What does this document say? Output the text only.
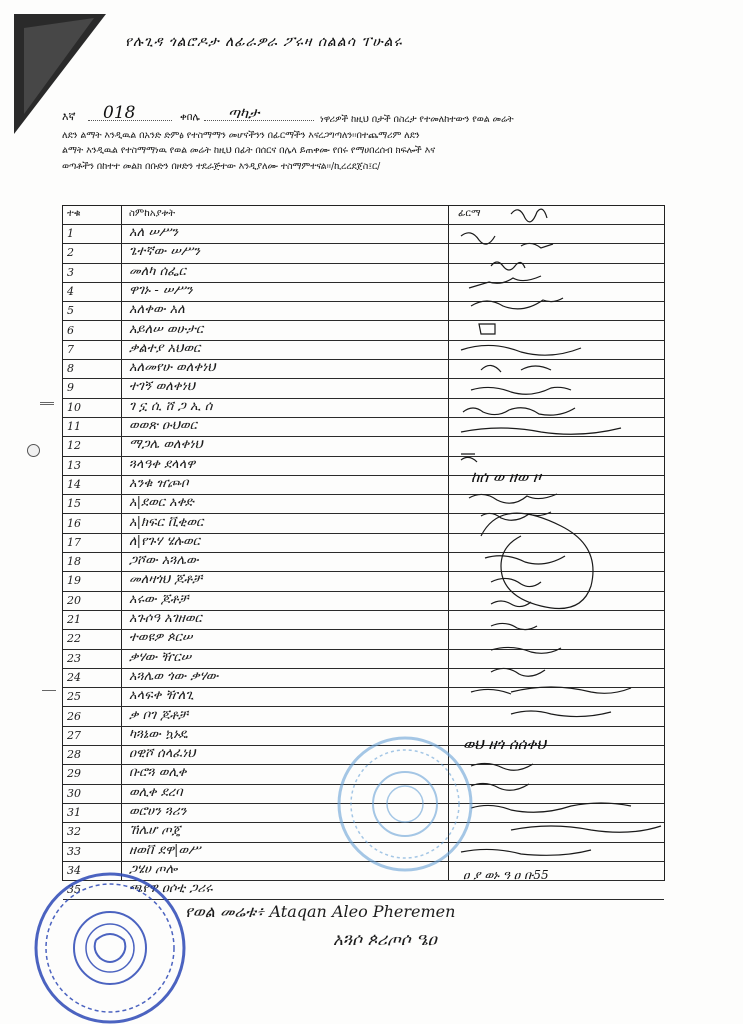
የሉጊዳ ጎልሮዶታ ለፊራዎራ ፖሩዛ ሰልልሳ ፐሁልሩ
እኛ 018	ቀበሌ ጣካታ	ነዋሪዎች ከዚህ በታች በስረታ የተመለከተውን የወል መሬት
ለደን ልማት እንዲዉል በአንድ ድምፅ የተስማማን መሆናችንን በፊርማችን እናረጋግጣለን፡፡በተጨማሪም ለደን
ልማት እንዲዉል የተስማማነዉ የወል መሬት ከዚህ በፊት በሰርና በሌላ ይጠቀሙ የበሩ የማሀበረሰብ ክፍሎች እና
ወጣቶችን በከተተ መልክ በቡድን በዞድን ተደራጅተው እንዲያለሙ ተስማምተናል፡፡/ኪረረደጀስ፤ር/
ተቁ	ስምከአያቱት	ፊርማ
1	አለ ሠሥን
2	ጌተኛው ሠሥን
3	መለካ ሰፌር
4	ዋገኑ - ሠሥን
5	አለቀው አለ
6	አይለሠ ወሁታር
7	ቃልተያ አህወር
8	አለመየሁ ወለቀነህ
9	ተገኝ ወለቀነህ
10	ገ ኗ ሲ ሸ ጋ ኢ ሰ
11	ወወጽ ዑህወር
12	ማጋሌ ወለቀነህ
13	ጓላዓቀ ደላላዋ
14	አንቁ ዠጮቦ
15	አ|ደወር አቀድ
16	አ|ክፍር ቪቂወር
17	ለ|የጉሃ ሄሉወር
18	ጋሾው አጓሌው
19	መለዛጎህ ጆቶቻ
20	አሩው ጆቶቻ
21	አጉሶዓ አገዘወር
22	ተወዩዎ ጶርሠ
23	ቃሃው ዥርሠ
24	አጓሌወ ጎው ቃሃው
25	አላፍቀ ዥለጊ
26	ቃ ቦገ ጆቶቻ
27	ካጓኔው ኳኑዴ
28	ዐዊሾ ሰላፈነህ
29	ቡሮጓ ወሊቀ
30	ወሊቀ ደረባ
31	ወሮሀን ጓሪን
32	ኸሌሆ ጦጄ
33	ዘወቨ ደዋ|ወሥ
34	ጋሄሀ ጦሎ
35	ጫየዋ ዐሶቲ ጋሪሩ
ከሰ ወ ዘወ ዞ
ወህ ዘጎ ሰሰቀህ
ዐ ያ ወኑ ዓ ዐ ቡ55
የወል መሬቱ፥ Ataqan Aleo Pheremen
አጓሶ ጶሪጦሶ ዔዐ
